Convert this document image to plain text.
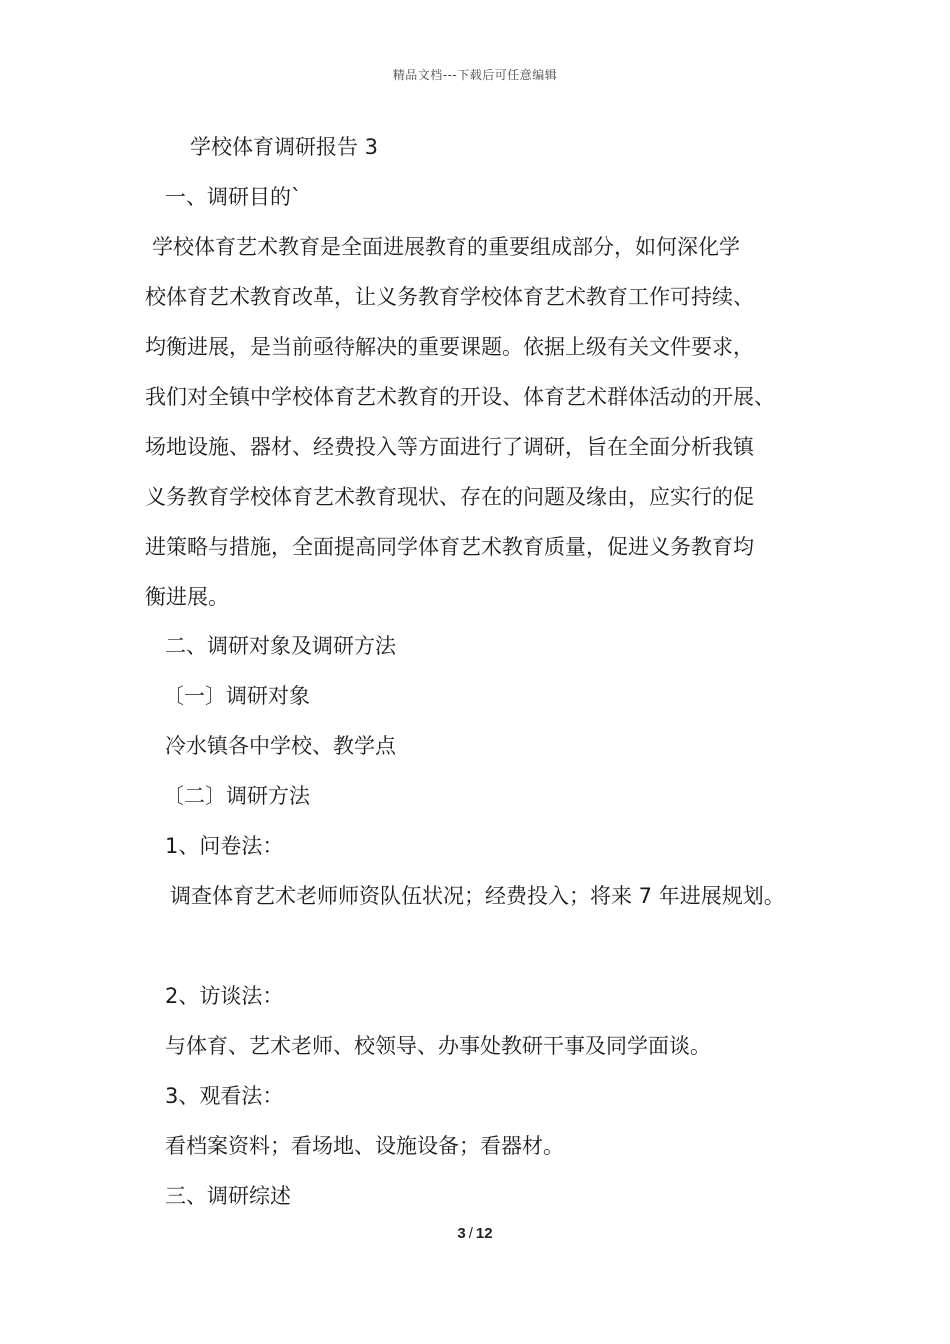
精品文档---下载后可任意编辑
学校体育调研报告 3
一、调研目的`
学校体育艺术教育是全面进展教育的重要组成部分，如何深化学
校体育艺术教育改革，让义务教育学校体育艺术教育工作可持续、
均衡进展，是当前亟待解决的重要课题。依据上级有关文件要求，
我们对全镇中学校体育艺术教育的开设、体育艺术群体活动的开展、
场地设施、器材、经费投入等方面进行了调研，旨在全面分析我镇
义务教育学校体育艺术教育现状、存在的问题及缘由，应实行的促
进策略与措施，全面提高同学体育艺术教育质量，促进义务教育均
衡进展。
二、调研对象及调研方法
〔一〕调研对象
冷水镇各中学校、教学点
〔二〕调研方法
1、问卷法：
调查体育艺术老师师资队伍状况；经费投入；将来 7 年进展规划。
2、访谈法：
与体育、艺术老师、校领导、办事处教研干事及同学面谈。
3、观看法：
看档案资料；看场地、设施设备；看器材。
三、调研综述
3 / 12
